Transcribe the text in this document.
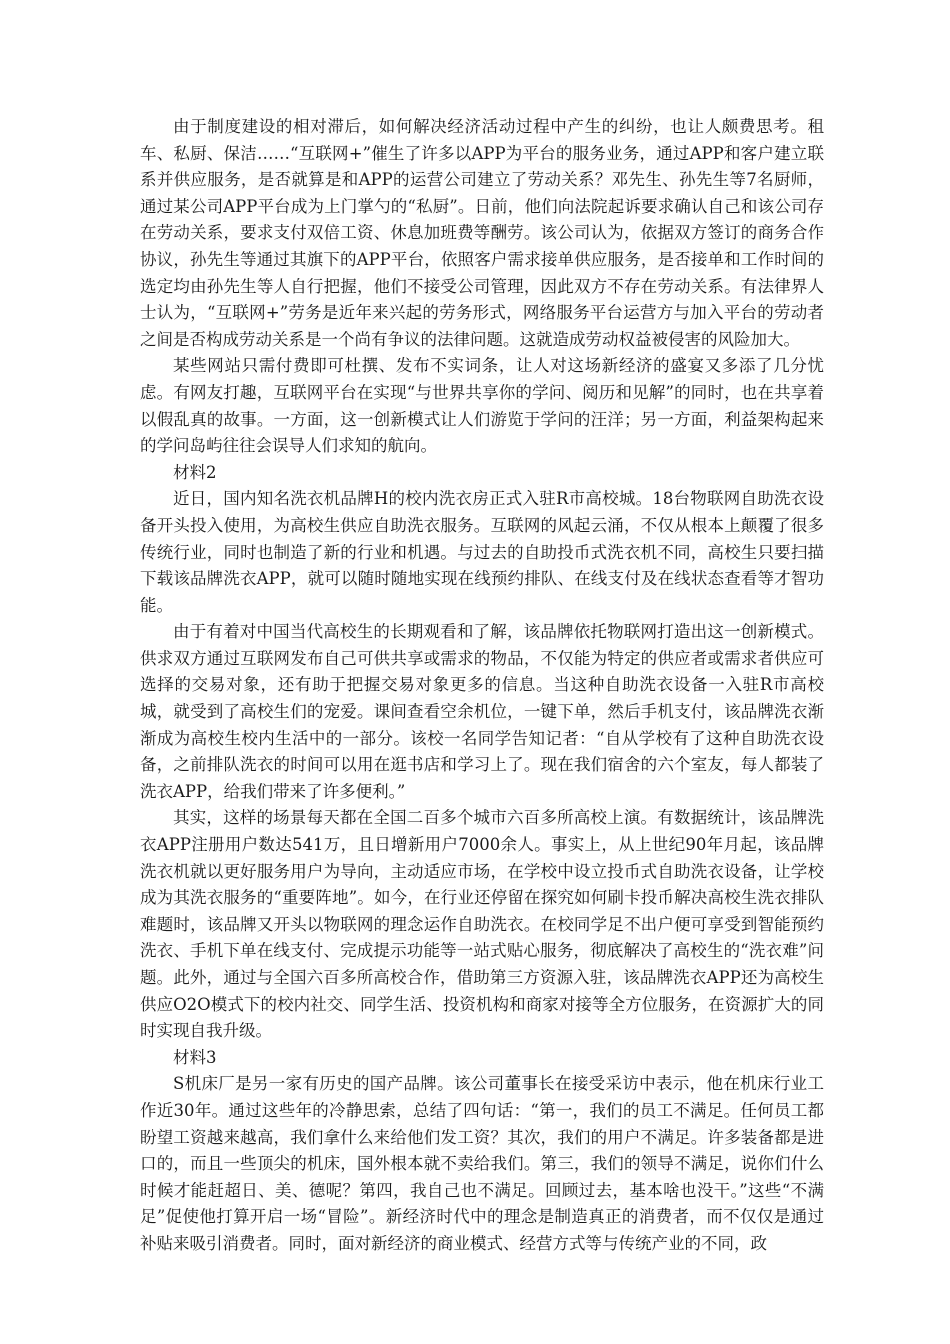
由于制度建设的相对滞后，如何解决经济活动过程中产生的纠纷，也让人颇费思考。租车、私厨、保洁……“互联网+”催生了许多以APP为平台的服务业务，通过APP和客户建立联系并供应服务，是否就算是和APP的运营公司建立了劳动关系？邓先生、孙先生等7名厨师，通过某公司APP平台成为上门掌勺的“私厨”。日前，他们向法院起诉要求确认自己和该公司存在劳动关系，要求支付双倍工资、休息加班费等酬劳。该公司认为，依据双方签订的商务合作协议，孙先生等通过其旗下的APP平台，依照客户需求接单供应服务，是否接单和工作时间的选定均由孙先生等人自行把握，他们不接受公司管理，因此双方不存在劳动关系。有法律界人士认为，“互联网+”劳务是近年来兴起的劳务形式，网络服务平台运营方与加入平台的劳动者之间是否构成劳动关系是一个尚有争议的法律问题。这就造成劳动权益被侵害的风险加大。

某些网站只需付费即可杜撰、发布不实词条，让人对这场新经济的盛宴又多添了几分忧虑。有网友打趣，互联网平台在实现“与世界共享你的学问、阅历和见解”的同时，也在共享着以假乱真的故事。一方面，这一创新模式让人们游览于学问的汪洋；另一方面，利益架构起来的学问岛屿往往会误导人们求知的航向。

材料2

近日，国内知名洗衣机品牌H的校内洗衣房正式入驻R市高校城。18台物联网自助洗衣设备开头投入使用，为高校生供应自助洗衣服务。互联网的风起云涌，不仅从根本上颠覆了很多传统行业，同时也制造了新的行业和机遇。与过去的自助投币式洗衣机不同，高校生只要扫描下载该品牌洗衣APP，就可以随时随地实现在线预约排队、在线支付及在线状态查看等才智功能。

由于有着对中国当代高校生的长期观看和了解，该品牌依托物联网打造出这一创新模式。供求双方通过互联网发布自己可供共享或需求的物品，不仅能为特定的供应者或需求者供应可选择的交易对象，还有助于把握交易对象更多的信息。当这种自助洗衣设备一入驻R市高校城，就受到了高校生们的宠爱。课间查看空余机位，一键下单，然后手机支付，该品牌洗衣渐渐成为高校生校内生活中的一部分。该校一名同学告知记者：“自从学校有了这种自助洗衣设备，之前排队洗衣的时间可以用在逛书店和学习上了。现在我们宿舍的六个室友，每人都装了洗衣APP，给我们带来了许多便利。”

其实，这样的场景每天都在全国二百多个城市六百多所高校上演。有数据统计，该品牌洗衣APP注册用户数达541万，且日增新用户7000余人。事实上，从上世纪90年月起，该品牌洗衣机就以更好服务用户为导向，主动适应市场，在学校中设立投币式自助洗衣设备，让学校成为其洗衣服务的“重要阵地”。如今，在行业还停留在探究如何刷卡投币解决高校生洗衣排队难题时，该品牌又开头以物联网的理念运作自助洗衣。在校同学足不出户便可享受到智能预约洗衣、手机下单在线支付、完成提示功能等一站式贴心服务，彻底解决了高校生的“洗衣难”问题。此外，通过与全国六百多所高校合作，借助第三方资源入驻，该品牌洗衣APP还为高校生供应O2O模式下的校内社交、同学生活、投资机构和商家对接等全方位服务，在资源扩大的同时实现自我升级。

材料3

S机床厂是另一家有历史的国产品牌。该公司董事长在接受采访中表示，他在机床行业工作近30年。通过这些年的冷静思索，总结了四句话：“第一，我们的员工不满足。任何员工都盼望工资越来越高，我们拿什么来给他们发工资？其次，我们的用户不满足。许多装备都是进口的，而且一些顶尖的机床，国外根本就不卖给我们。第三，我们的领导不满足，说你们什么时候才能赶超日、美、德呢？第四，我自己也不满足。回顾过去，基本啥也没干。”这些“不满足”促使他打算开启一场“冒险”。新经济时代中的理念是制造真正的消费者，而不仅仅是通过补贴来吸引消费者。同时，面对新经济的商业模式、经营方式等与传统产业的不同，政
